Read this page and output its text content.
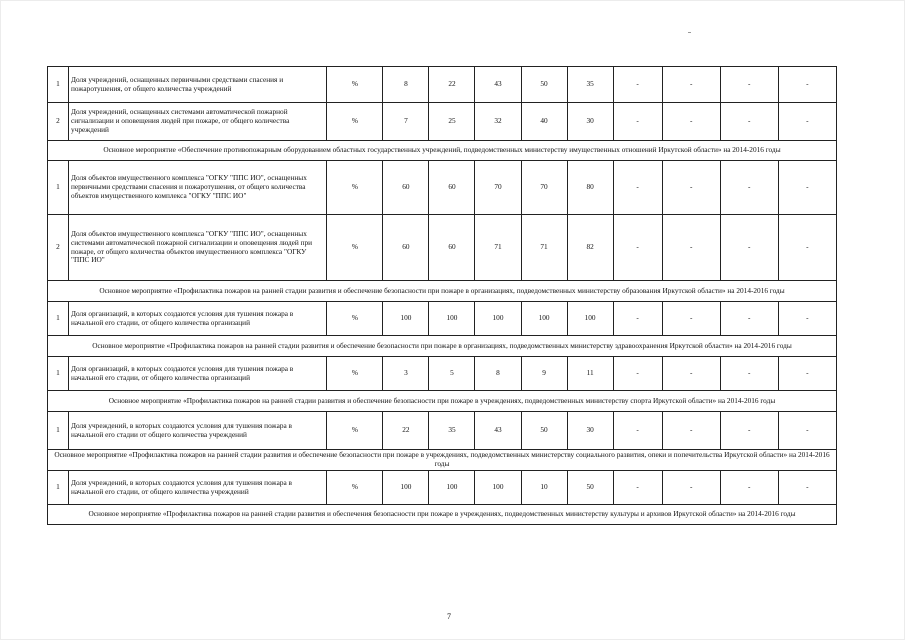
1	Доля учреждений, оснащенных первичными средствами спасения и пожаротушения, от общего количества учреждений	%	8	22	43	50	35	-	-	-	-
2	Доля учреждений, оснащенных системами автоматической пожарной сигнализации и оповещения людей при пожаре, от общего количества учреждений	%	7	25	32	40	30	-	-	-	-
Основное мероприятие «Обеспечение противопожарным оборудованием областных государственных учреждений, подведомственных министерству имущественных отношений Иркутской области» на 2014-2016 годы											
1	Доля объектов имущественного комплекса "ОГКУ "ППС ИО", оснащенных первичными средствами спасения и пожаротушения, от общего количества объектов имущественного комплекса "ОГКУ "ППС ИО"	%	60	60	70	70	80	-	-	-	-
2	Доля объектов имущественного комплекса "ОГКУ "ППС ИО", оснащенных системами автоматической пожарной сигнализации и оповещения людей при пожаре, от общего количества объектов имущественного комплекса "ОГКУ "ППС ИО"	%	60	60	71	71	82	-	-	-	-
Основное мероприятие «Профилактика пожаров на ранней стадии развития и обеспечение безопасности при пожаре в организациях, подведомственных министерству образования Иркутской области» на 2014-2016 годы											
1	Доля организаций, в которых создаются условия для тушения пожара в начальной его стадии, от общего количества организаций	%	100	100	100	100	100	-	-	-	-
Основное мероприятие «Профилактика пожаров на ранней стадии развития и обеспечение безопасности при пожаре в организациях, подведомственных министерству здравоохранения Иркутской области» на 2014-2016 годы											
1	Доля организаций, в которых создаются условия для тушения пожара в начальной его стадии, от общего количества организаций	%	3	5	8	9	11	-	-	-	-
Основное мероприятие «Профилактика пожаров на ранней стадии развития и обеспечение безопасности при пожаре в учреждениях, подведомственных министерству спорта Иркутской области» на 2014-2016 годы											
1	Доля учреждений, в которых создаются условия для тушения пожара в начальной его стадии от общего количества учреждений	%	22	35	43	50	30	-	-	-	-
Основное мероприятие «Профилактика пожаров на ранней стадии развития и обеспечение безопасности при пожаре в учреждениях, подведомственных министерству социального развития, опеки и попечительства Иркутской области» на 2014-2016 годы											
1	Доля учреждений, в которых создаются условия для тушения пожара в начальной его стадии, от общего количества учреждений	%	100	100	100	10	50	-	-	-	-
Основное мероприятие «Профилактика пожаров на ранней стадии развития и обеспечения безопасности при пожаре в учреждениях, подведомственных министерству культуры и архивов Иркутской области» на 2014-2016 годы											
7
